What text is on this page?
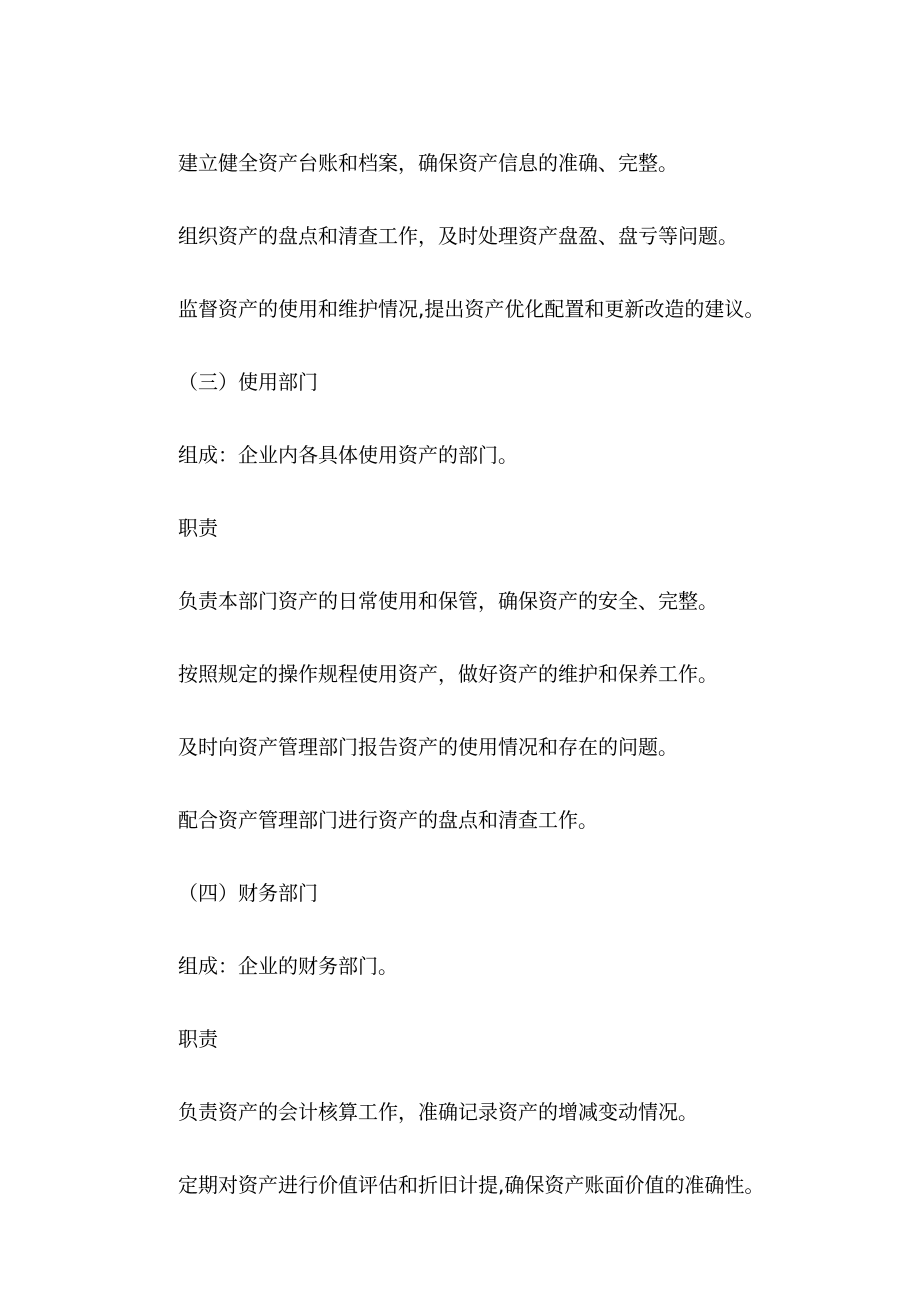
建立健全资产台账和档案，确保资产信息的准确、完整。
组织资产的盘点和清查工作，及时处理资产盘盈、盘亏等问题。
监督资产的使用和维护情况,提出资产优化配置和更新改造的建议。
（三）使用部门
组成：企业内各具体使用资产的部门。
职责
负责本部门资产的日常使用和保管，确保资产的安全、完整。
按照规定的操作规程使用资产，做好资产的维护和保养工作。
及时向资产管理部门报告资产的使用情况和存在的问题。
配合资产管理部门进行资产的盘点和清查工作。
（四）财务部门
组成：企业的财务部门。
职责
负责资产的会计核算工作，准确记录资产的增减变动情况。
定期对资产进行价值评估和折旧计提,确保资产账面价值的准确性。
